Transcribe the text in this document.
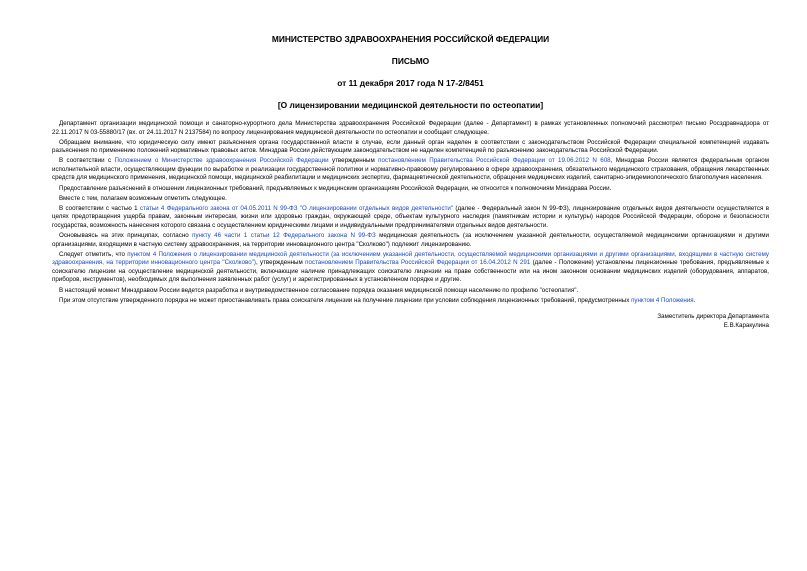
МИНИСТЕРСТВО ЗДРАВООХРАНЕНИЯ РОССИЙСКОЙ ФЕДЕРАЦИИ
ПИСЬМО
от 11 декабря 2017 года N 17-2/8451
[О лицензировании медицинской деятельности по остеопатии]

Департамент организации медицинской помощи и санаторно-курортного дела Министерства здравоохранения Российской Федерации (далее - Департамент) в рамках установленных полномочий рассмотрел письмо Росздравнадзора от 22.11.2017 N 03-55880/17 (вх. от 24.11.2017 N 2137584) по вопросу лицензирования медицинской деятельности по остеопатии и сообщает следующее.

Обращаем внимание, что юридическую силу имеют разъяснения органа государственной власти в случае, если данный орган наделен в соответствии с законодательством Российской Федерации специальной компетенцией издавать разъяснения по применению положений нормативных правовых актов. Минздрав России действующим законодательством не наделен компетенцией по разъяснению законодательства Российской Федерации.

В соответствии с Положением о Министерстве здравоохранения Российской Федерации утвержденным постановлением Правительства Российской Федерации от 19.06.2012 N 608, Минздрав России является федеральным органом исполнительной власти, осуществляющим функции по выработке и реализации государственной политики и нормативно-правовому регулированию в сфере здравоохранения, обязательного медицинского страхования, обращения лекарственных средств для медицинского применения, медицинской помощи, медицинской реабилитации и медицинских экспертиз, фармацевтической деятельности, обращения медицинских изделий, санитарно-эпидемиологического благополучия населения.

Предоставление разъяснений в отношении лицензионных требований, предъявляемых к медицинским организациям Российской Федерации, не относится к полномочиям Минздрава России.

Вместе с тем, полагаем возможным отметить следующее.

В соответствии с частью 1 статьи 4 Федерального закона от 04.05.2011 N 99-ФЗ "О лицензировании отдельных видов деятельности" (далее - Федеральный закон N 99-ФЗ), лицензирование отдельных видов деятельности осуществляется в целях предотвращения ущерба правам, законным интересам, жизни или здоровью граждан, окружающей среде, объектам культурного наследия (памятникам истории и культуры) народов Российской Федерации, обороне и безопасности государства, возможность нанесения которого связана с осуществлением юридическими лицами и индивидуальными предпринимателями отдельных видов деятельности.

Основываясь на этих принципах, согласно пункту 46 части 1 статьи 12 Федерального закона N 99-ФЗ медицинская деятельность (за исключением указанной деятельности, осуществляемой медицинскими организациями и другими организациями, входящими в частную систему здравоохранения, на территории инновационного центра "Сколково") подлежит лицензированию.

Следует отметить, что пунктом 4 Положения о лицензировании медицинской деятельности (за исключением указанной деятельности, осуществляемой медицинскими организациями и другими организациями, входящими в частную систему здравоохранения, на территории инновационного центра "Сколково"), утвержденным постановлением Правительства Российской Федерации от 16.04.2012 N 291 (далее - Положение) установлены лицензионные требования, предъявляемые к соискателю лицензии на осуществление медицинской деятельности, включающие наличие принадлежащих соискателю лицензии на праве собственности или на ином законном основании медицинских изделий (оборудования, аппаратов, приборов, инструментов), необходимых для выполнения заявленных работ (услуг) и зарегистрированных в установленном порядке и другие.

В настоящий момент Минздравом России ведется разработка и внутриведомственное согласование порядка оказания медицинской помощи населению по профилю "остеопатия".

При этом отсутствие утвержденного порядка не может приостанавливать права соискателя лицензии на получение лицензии при условии соблюдения лицензионных требований, предусмотренных пунктом 4 Положения.

Заместитель директора Департамента
Е.В.Каракулина
